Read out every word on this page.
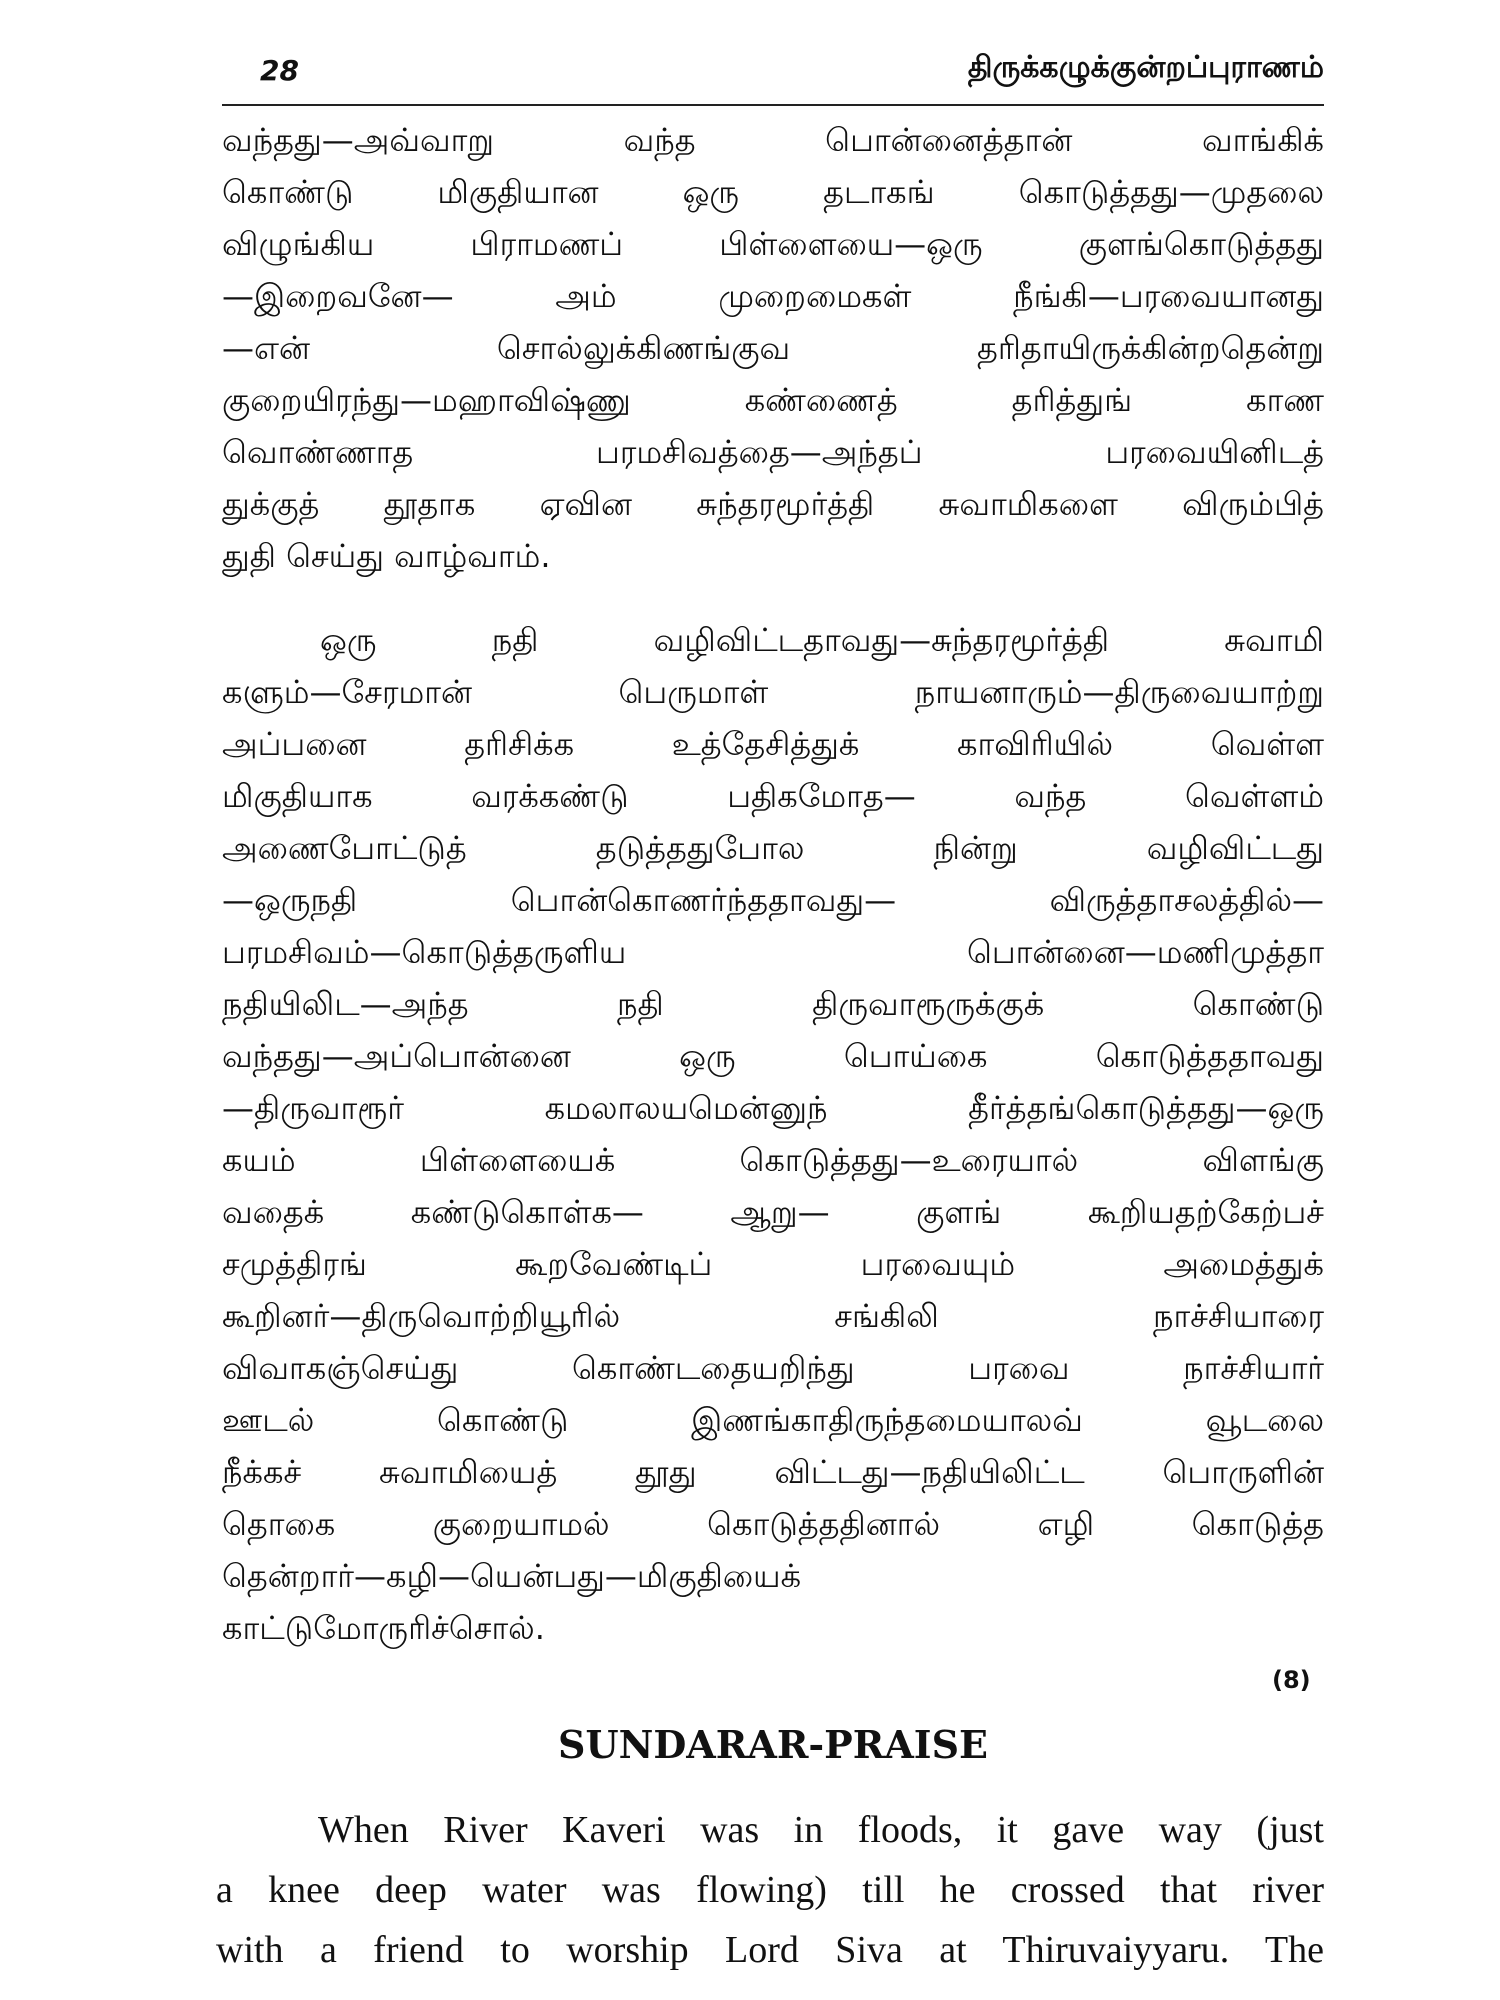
28	திருக்கழுக்குன்றப்புராணம்
வந்தது—அவ்வாறு வந்த பொன்னைத்தான் வாங்கிக்
கொண்டு மிகுதியான ஒரு தடாகங் கொடுத்தது—முதலை
விழுங்கிய பிராமணப் பிள்ளையை—ஒரு குளங்கொடுத்தது
—இறைவனே— அம் முறைமைகள் நீங்கி—பரவையானது
—என் சொல்லுக்கிணங்குவ தரிதாயிருக்கின்றதென்று
குறையிரந்து—மஹாவிஷ்ணு கண்ணைத் தரித்துங் காண
வொண்ணாத பரமசிவத்தை—அந்தப் பரவையினிடத்
துக்குத் தூதாக ஏவின சுந்தரமூர்த்தி சுவாமிகளை விரும்பித்
துதி செய்து வாழ்வாம்.
ஒரு நதி வழிவிட்டதாவது—சுந்தரமூர்த்தி சுவாமி
களும்—சேரமான் பெருமாள் நாயனாரும்—திருவையாற்று
அப்பனை தரிசிக்க உத்தேசித்துக் காவிரியில் வெள்ள
மிகுதியாக வரக்கண்டு பதிகமோத— வந்த வெள்ளம்
அணைபோட்டுத் தடுத்ததுபோல நின்று வழிவிட்டது
—ஒருநதி பொன்கொணர்ந்ததாவது— விருத்தாசலத்தில்—
பரமசிவம்—கொடுத்தருளிய பொன்னை—மணிமுத்தா
நதியிலிட—அந்த நதி திருவாரூருக்குக் கொண்டு
வந்தது—அப்பொன்னை ஒரு பொய்கை கொடுத்ததாவது
—திருவாரூர் கமலாலயமென்னுந் தீர்த்தங்கொடுத்தது—ஒரு
கயம் பிள்ளையைக் கொடுத்தது—உரையால் விளங்கு
வதைக் கண்டுகொள்க— ஆறு— குளங் கூறியதற்கேற்பச்
சமுத்திரங் கூறவேண்டிப் பரவையும் அமைத்துக்
கூறினர்—திருவொற்றியூரில் சங்கிலி நாச்சியாரை
விவாகஞ்செய்து கொண்டதையறிந்து பரவை நாச்சியார்
ஊடல் கொண்டு இணங்காதிருந்தமையாலவ் வூடலை
நீக்கச் சுவாமியைத் தூது விட்டது—நதியிலிட்ட பொருளின்
தொகை குறையாமல் கொடுத்ததினால் எழி கொடுத்த
தென்றார்—கழி—யென்பது—மிகுதியைக்
காட்டுமோருரிச்சொல்.
(8)
SUNDARAR-PRAISE
When River Kaveri was in floods, it gave way (just
a knee deep water was flowing) till he crossed that river
with a friend to worship Lord Siva at Thiruvaiyyaru. The
